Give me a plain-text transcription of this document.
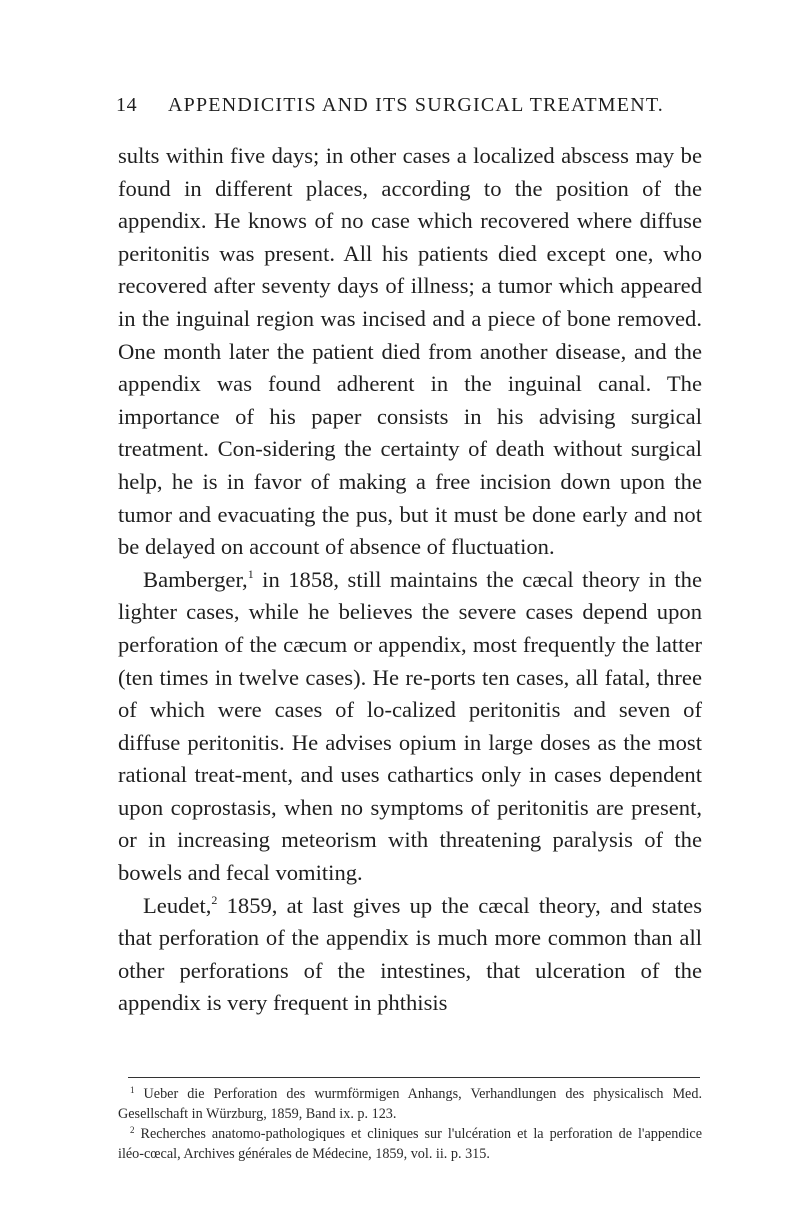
14	APPENDICITIS AND ITS SURGICAL TREATMENT.

sults within five days; in other cases a localized abscess may be found in different places, according to the position of the appendix. He knows of no case which recovered where diffuse peritonitis was present. All his patients died except one, who recovered after seventy days of illness; a tumor which appeared in the inguinal region was incised and a piece of bone removed. One month later the patient died from another disease, and the appendix was found adherent in the inguinal canal. The importance of his paper consists in his advising surgical treatment. Con-sidering the certainty of death without surgical help, he is in favor of making a free incision down upon the tumor and evacuating the pus, but it must be done early and not be delayed on account of absence of fluctuation.

Bamberger,$^1$ in 1858, still maintains the cæcal theory in the lighter cases, while he believes the severe cases depend upon perforation of the cæcum or appendix, most frequently the latter (ten times in twelve cases). He re-ports ten cases, all fatal, three of which were cases of lo-calized peritonitis and seven of diffuse peritonitis. He advises opium in large doses as the most rational treat-ment, and uses cathartics only in cases dependent upon coprostasis, when no symptoms of peritonitis are present, or in increasing meteorism with threatening paralysis of the bowels and fecal vomiting.

Leudet,$^2$ 1859, at last gives up the cæcal theory, and states that perforation of the appendix is much more common than all other perforations of the intestines, that ulceration of the appendix is very frequent in phthisis

$^1$ Ueber die Perforation des wurmförmigen Anhangs, Verhandlungen des physicalisch Med. Gesellschaft in Würzburg, 1859, Band ix. p. 123.

$^2$ Recherches anatomo-pathologiques et cliniques sur l'ulcération et la perforation de l'appendice iléo-cœcal, Archives générales de Médecine, 1859, vol. ii. p. 315.
